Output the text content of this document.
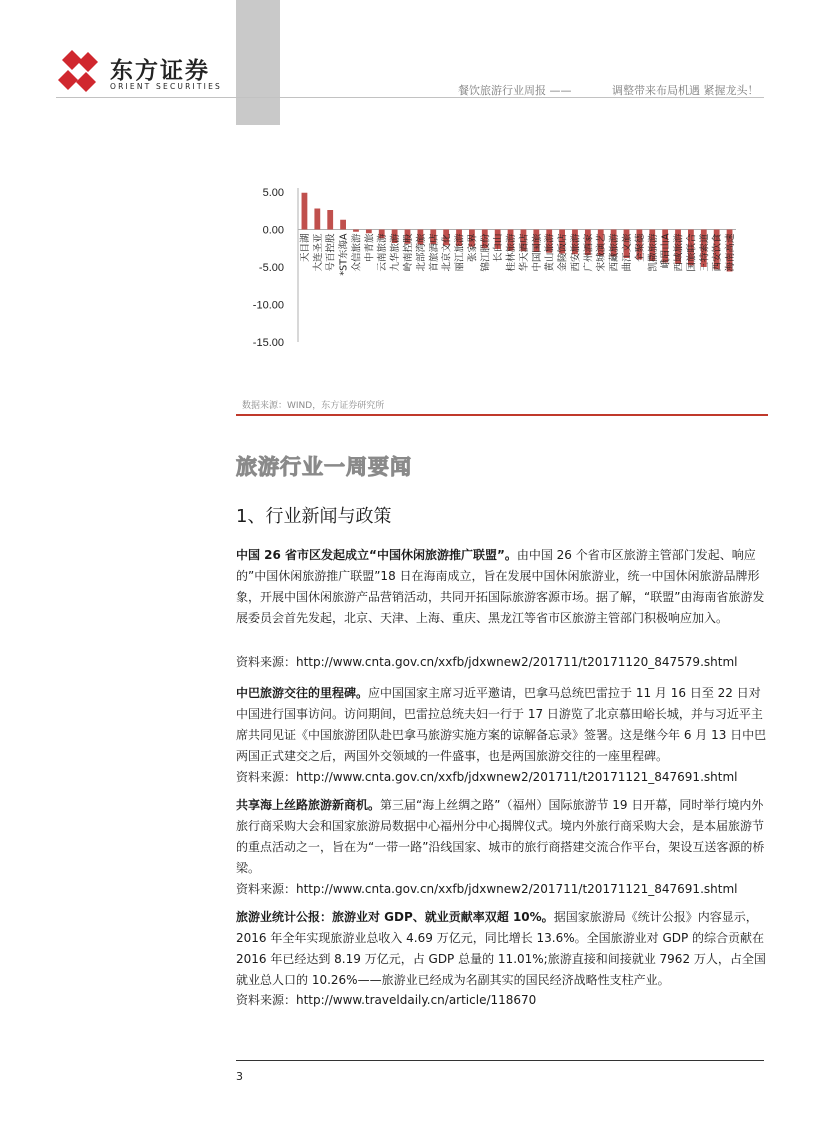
东方证券
ORIENT SECURITIES	餐饮旅游行业周报 ——	调整带来布局机遇 紧握龙头！
5.00
0.00
-5.00
-10.00
-15.00
天目湖 大连圣亚 号百控股 *ST东海A 众信旅游 中青旅 云南旅游 九华旅游 岭南控股 北部湾旅 首旅酒店 北京文化 丽江旅游 张家界 锦江股份 长白山 桂林旅游 华天酒店 中国国旅 黄山旅游 金陵饭店 西安旅游 广州酒家 宋城演艺 西藏旅游 曲江文旅 全聚德 凯撒旅游 峨眉山A 西域旅游 国旅联合 三特索道 西安饮食 海南高速
数据来源：WIND，东方证券研究所
旅游行业一周要闻
1、行业新闻与政策

中国 26 省市区发起成立“中国休闲旅游推广联盟”。由中国 26 个省市区旅游主管部门发起、响应的”中国休闲旅游推广联盟”18 日在海南成立，旨在发展中国休闲旅游业，统一中国休闲旅游品牌形象，开展中国休闲旅游产品营销活动，共同开拓国际旅游客源市场。据了解，“联盟”由海南省旅游发展委员会首先发起，北京、天津、上海、重庆、黑龙江等省市区旅游主管部门积极响应加入。

资料来源：http://www.cnta.gov.cn/xxfb/jdxwnew2/201711/t20171120_847579.shtml

中巴旅游交往的里程碑。应中国国家主席习近平邀请，巴拿马总统巴雷拉于 11 月 16 日至 22 日对中国进行国事访问。访问期间，巴雷拉总统夫妇一行于 17 日游览了北京慕田峪长城，并与习近平主席共同见证《中国旅游团队赴巴拿马旅游实施方案的谅解备忘录》签署。这是继今年 6 月 13 日中巴两国正式建交之后，两国外交领域的一件盛事，也是两国旅游交往的一座里程碑。

资料来源：http://www.cnta.gov.cn/xxfb/jdxwnew2/201711/t20171121_847691.shtml

共享海上丝路旅游新商机。第三届“海上丝绸之路”（福州）国际旅游节 19 日开幕，同时举行境内外旅行商采购大会和国家旅游局数据中心福州分中心揭牌仪式。境内外旅行商采购大会，是本届旅游节的重点活动之一，旨在为“一带一路”沿线国家、城市的旅行商搭建交流合作平台，架设互送客源的桥梁。

资料来源：http://www.cnta.gov.cn/xxfb/jdxwnew2/201711/t20171121_847691.shtml

旅游业统计公报：旅游业对 GDP、就业贡献率双超 10%。据国家旅游局《统计公报》内容显示，2016 年全年实现旅游业总收入 4.69 万亿元，同比增长 13.6%。全国旅游业对 GDP 的综合贡献在 2016 年已经达到 8.19 万亿元，占 GDP 总量的 11.01%;旅游直接和间接就业 7962 万人，占全国就业总人口的 10.26%——旅游业已经成为名副其实的国民经济战略性支柱产业。

资料来源：http://www.traveldaily.cn/article/118670

3
